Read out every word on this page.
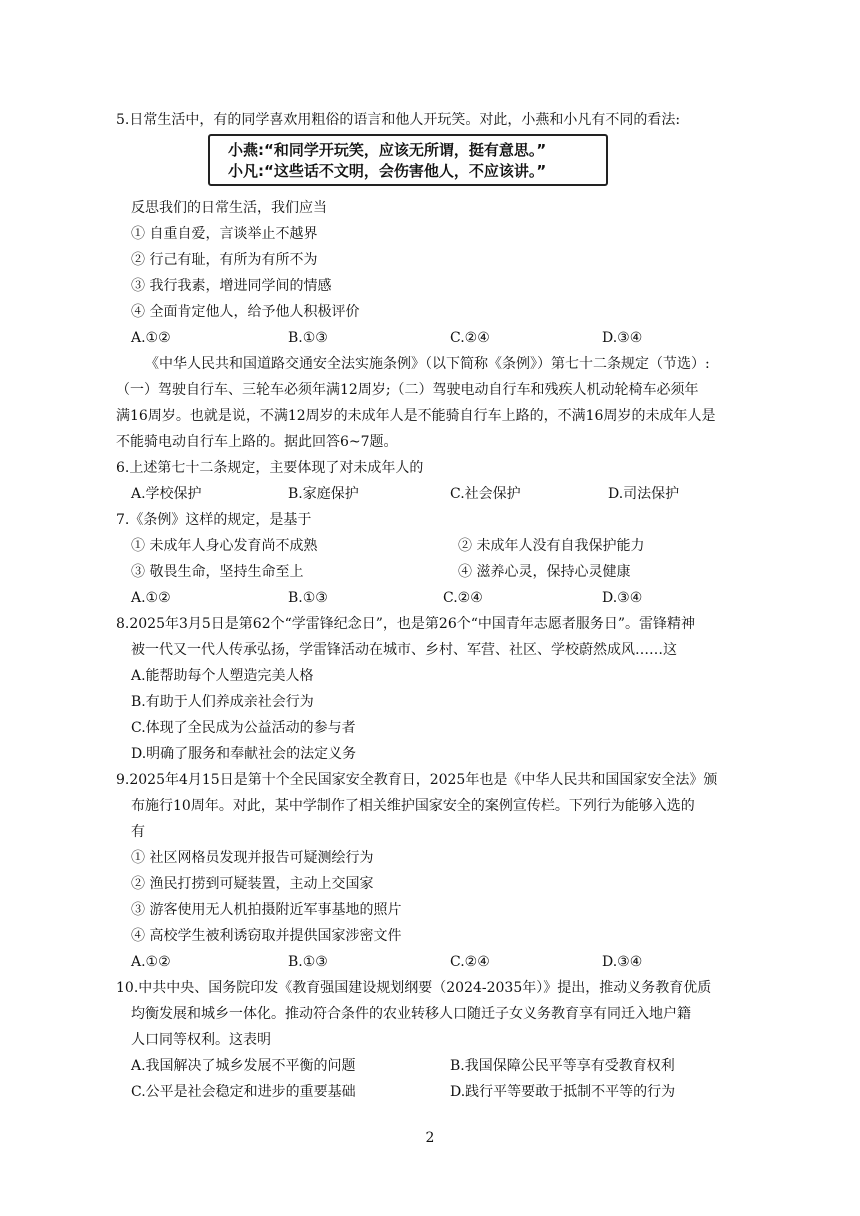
5.日常生活中，有的同学喜欢用粗俗的语言和他人开玩笑。对此，小燕和小凡有不同的看法:
小燕:“和同学开玩笑，应该无所谓，挺有意思。”
小凡:“这些话不文明，会伤害他人，不应该讲。”
反思我们的日常生活，我们应当
① 自重自爱，言谈举止不越界
② 行己有耻，有所为有所不为
③ 我行我素，增进同学间的情感
④ 全面肯定他人，给予他人积极评价
A.①②	B.①③	C.②④	D.③④
《中华人民共和国道路交通安全法实施条例》（以下简称《条例》）第七十二条规定（节选）:
（一）驾驶自行车、三轮车必须年满12周岁;（二）驾驶电动自行车和残疾人机动轮椅车必须年
满16周岁。也就是说，不满12周岁的未成年人是不能骑自行车上路的，不满16周岁的未成年人是
不能骑电动自行车上路的。据此回答6~7题。
6.上述第七十二条规定，主要体现了对未成年人的
A.学校保护	B.家庭保护	C.社会保护	D.司法保护
7.《条例》这样的规定，是基于
① 未成年人身心发育尚不成熟	② 未成年人没有自我保护能力
③ 敬畏生命，坚持生命至上	④ 滋养心灵，保持心灵健康
A.①②	B.①③	C.②④	D.③④
8.2025年3月5日是第62个“学雷锋纪念日”，也是第26个“中国青年志愿者服务日”。雷锋精神
被一代又一代人传承弘扬，学雷锋活动在城市、乡村、军营、社区、学校蔚然成风……这
A.能帮助每个人塑造完美人格
B.有助于人们养成亲社会行为
C.体现了全民成为公益活动的参与者
D.明确了服务和奉献社会的法定义务
9.2025年4月15日是第十个全民国家安全教育日，2025年也是《中华人民共和国国家安全法》颁
布施行10周年。对此，某中学制作了相关维护国家安全的案例宣传栏。下列行为能够入选的
有
① 社区网格员发现并报告可疑测绘行为
② 渔民打捞到可疑装置，主动上交国家
③ 游客使用无人机拍摄附近军事基地的照片
④ 高校学生被利诱窃取并提供国家涉密文件
A.①②	B.①③	C.②④	D.③④
10.中共中央、国务院印发《教育强国建设规划纲要（2024-2035年）》提出，推动义务教育优质
均衡发展和城乡一体化。推动符合条件的农业转移人口随迁子女义务教育享有同迁入地户籍
人口同等权利。这表明
A.我国解决了城乡发展不平衡的问题	B.我国保障公民平等享有受教育权利
C.公平是社会稳定和进步的重要基础	D.践行平等要敢于抵制不平等的行为
2
